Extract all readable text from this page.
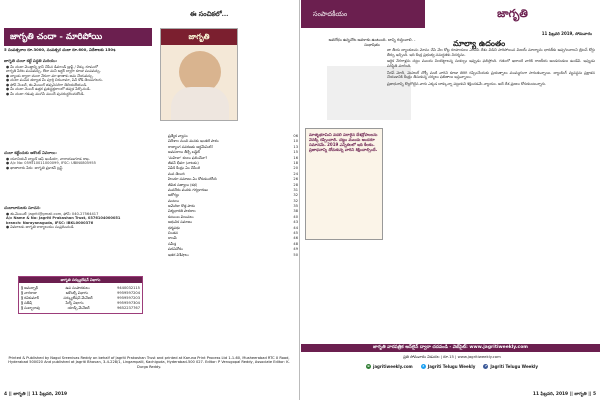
జాగృతి చందా - మారిపోయి
5 సంవత్సరాల రూ.3000, సంవత్సర చందా రూ.600, విదేశాలకు 150$
జాగృతి చందా కట్టే పద్ధతి మరియు:
● మీ చందా మొత్తాన్ని క్రాస్ చేసిన డిమాండ్ డ్రాఫ్ట్ / చెక్కు రూపంలో
జాగృతి పేరిట పంపవచ్చు. లేదా మనీ ఆర్డర్ ద్వారా కూడా పంపవచ్చు.
● బ్యాంకు ద్వారా చందా నేరుగా మా ఖాతాకు జమ చేయవచ్చు.
● చందా పంపిన తర్వాత మీ పూర్తి చిరునామా, పిన్ కోడ్ తెలుపగలరు.
● ఫోన్ నెంబర్, ఈ-మెయిల్ తప్పనిసరిగా తెలియజేయండి.
● మీ చందా నెంబర్ ఉత్తర ప్రత్యుత్తరాలలో తప్పక పేర్కొనండి.
● మీ చందా గడువు ముగిసే ముందే పునరుద్ధరించుకోండి.
చందా కట్టేందుకు అకౌంట్ వివరాలు:
● యూనియన్ బ్యాంక్ ఆఫ్ ఇండియా, నారాయణగూడ శాఖ.
● A/c No: 059510011000099, IFSC: UBIN0805955
● ఖాతాదారు పేరు: జాగృతి ప్రకాశన్ ట్రస్ట్
చందాదారులకు సూచన:
● ఈ-మెయిల్: jagriti@gmail.com, ఫోన్: 040-27564417
A/c Name & No: Jagriti Prakashan Trust, 0376104000051
branch: Narayanaguda, IFSC: IBKL0000376
● వివరాలకు జాగృతి కార్యాలయం సంప్రదించండి
జాగృతి సర్క్యులేషన్ విభాగం
శ్రీ అమర్నాథ్	ఉప సంపాదకులు	9440032115
శ్రీ నాగరాజు	అకౌంట్స్ విభాగం	9959597204
శ్రీ రవికుమార్	సర్క్యులేషన్ మేనేజర్	9959597203
శ్రీ సతీష్	సేల్స్ విభాగం	9959597304
శ్రీ సుబ్బారావు	యాడ్స్ మేనేజర్	9652237767
ఈ సంచికలో...
జాగృతి
ప్రత్యేక వ్యాసం	06
విదేశాల నుంచి మనకు ఇంతటి పాఠం	10
రాజ్యాంగ సవరణకు అర్థమేమిటి?	13
అవసరాలు తీర్చే బడ్జెట్	15
‘మహిళా’ కలలు ఫలించేనా?	16
జీవన్ భీమా (నాటకం)	18
ఏపీకి కేంద్రం ఏం చేసింది	20
మన తెలుగు	24
హిందూ సమాజం ఏం కోరుకుంటోంది	26
జీవిత సత్యాలు (కథ)	28
మనదేశం మనకు గర్వకారణం	31
ఆరోగ్యం	32
వంటలు	32
అమెరికా కొత్త పాఠం	35
విశ్వభారతి పాఠశాల	38
కుటుంబ విలువలు	40
ఆధునిక సమాజం	43
ధర్మపథం	44
చింతన	45
కాలమ్	46
సమీక్ష	48
పదవినోదం	49
ఇతర విశేషాలు	50
Printed & Published by Nagol Sreenivas Reddy on behalf of Jagriti Prakashan Trust and printed at Karuna Print Process Ltd 1-1-60, Musheerabad RTC X Road, Hyderabad 500020 And published at Jagriti Bhavan, 3-4-228/1, Lingampalli, Kachiguda, Hyderabad-500 027. Editor: P Venugopal Reddy, Associate Editor: K. Durga Reddy.
4 || జాగృతి || 11 ఫిబ్రవరి, 2019
సంపాదకీయం	జాగృతి
11 ఫిబ్రవరి 2019, సోమవారం
అవరోధం ఉన్నచోట అవకాశం ఉంటుంది. దాన్ని గుర్తించాలి. - సుభాషితం	మాల్యా ఉదంతం
మాతృభూమిని వదలి పరారైన దేశద్రోహులను వెనక్కి రప్పించాలి. చట్టం ముందు అందరూ సమానమే. 2019 ఎన్నికలలో ఇది కీలకం. ప్రజాధనాన్ని దోచుకున్న వారిని శిక్షించాల్సిందే.

జా తీయ బ్యాంకులను మోసం చేసి వేల కోట్ల రూపాయలు ఎగవేసి దేశం విడిచి పారిపోయిన విజయ్ మాల్యాను భారత్‌కు అప్పగించాలని బ్రిటన్ కోర్టు తీర్పు ఇచ్చింది. ఇది కేంద్ర ప్రభుత్వ సమర్థతకు నిదర్శనం.

ఆర్థిక నేరగాళ్లను చట్టం ముందు నిలబెట్టాలన్న సంకల్పం ఇప్పుడు ఫలిస్తోంది. గతంలో ఇలాంటి వారికి రాజకీయ అండదండలు ఉండేవి. ఇప్పుడు పరిస్థితి మారింది.

నీరవ్ మోదీ, మెహుల్ చోక్సీ వంటి వారిని కూడా తిరిగి రప్పించేందుకు ప్రయత్నాలు ముమ్మరంగా సాగుతున్నాయి. బ్యాంకింగ్ వ్యవస్థను ప్రక్షాళన చేయడానికి కేంద్రం తీసుకున్న చర్యలు ఫలితాలు ఇస్తున్నాయి.

ప్రజాధనాన్ని కొల్లగొట్టిన వారు ఎక్కడ దాక్కున్నా పట్టుకుని శిక్షించడమే న్యాయం. అదే దేశ ప్రజలు కోరుకుంటున్నారు.

జాగృతి వారపత్రిక ఆన్‌లైన్ ద్వారా చదవండి - వెబ్‌సైట్: www.jagritiweekly.com
ప్రతి సోమవారం విడుదల | రూ.15 | www.jagritiweekly.com
⊕ jagritiweekly.com	t Jagriti Telugu Weekly	f Jagriti Telugu Weekly
11 ఫిబ్రవరి, 2019 || జాగృతి || 5
